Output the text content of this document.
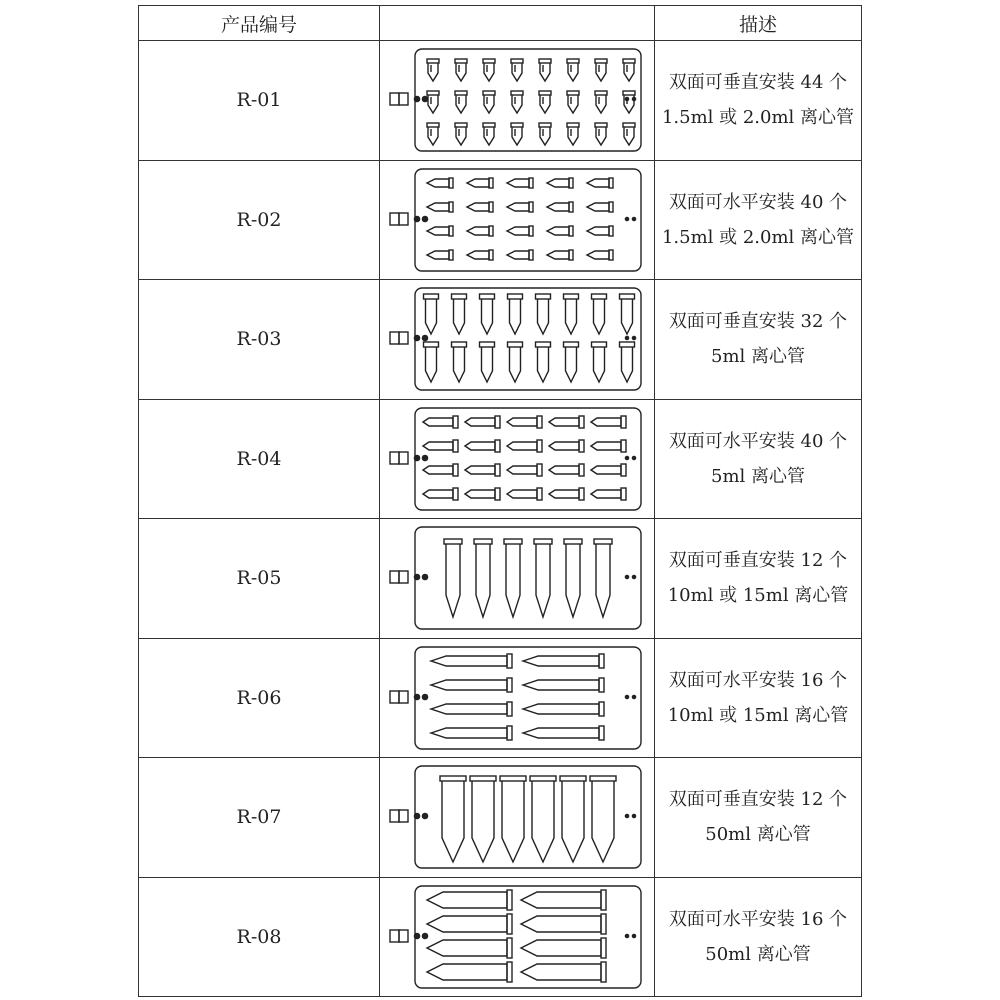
产品编号		描述
R-01		双面可垂直安装 44 个 1.5ml 或 2.0ml 离心管
R-02		双面可水平安装 40 个 1.5ml 或 2.0ml 离心管
R-03		双面可垂直安装 32 个 5ml 离心管
R-04		双面可水平安装 40 个 5ml 离心管
R-05		双面可垂直安装 12 个 10ml 或 15ml 离心管
R-06		双面可水平安装 16 个 10ml 或 15ml 离心管
R-07		双面可垂直安装 12 个 50ml 离心管
R-08		双面可水平安装 16 个 50ml 离心管
